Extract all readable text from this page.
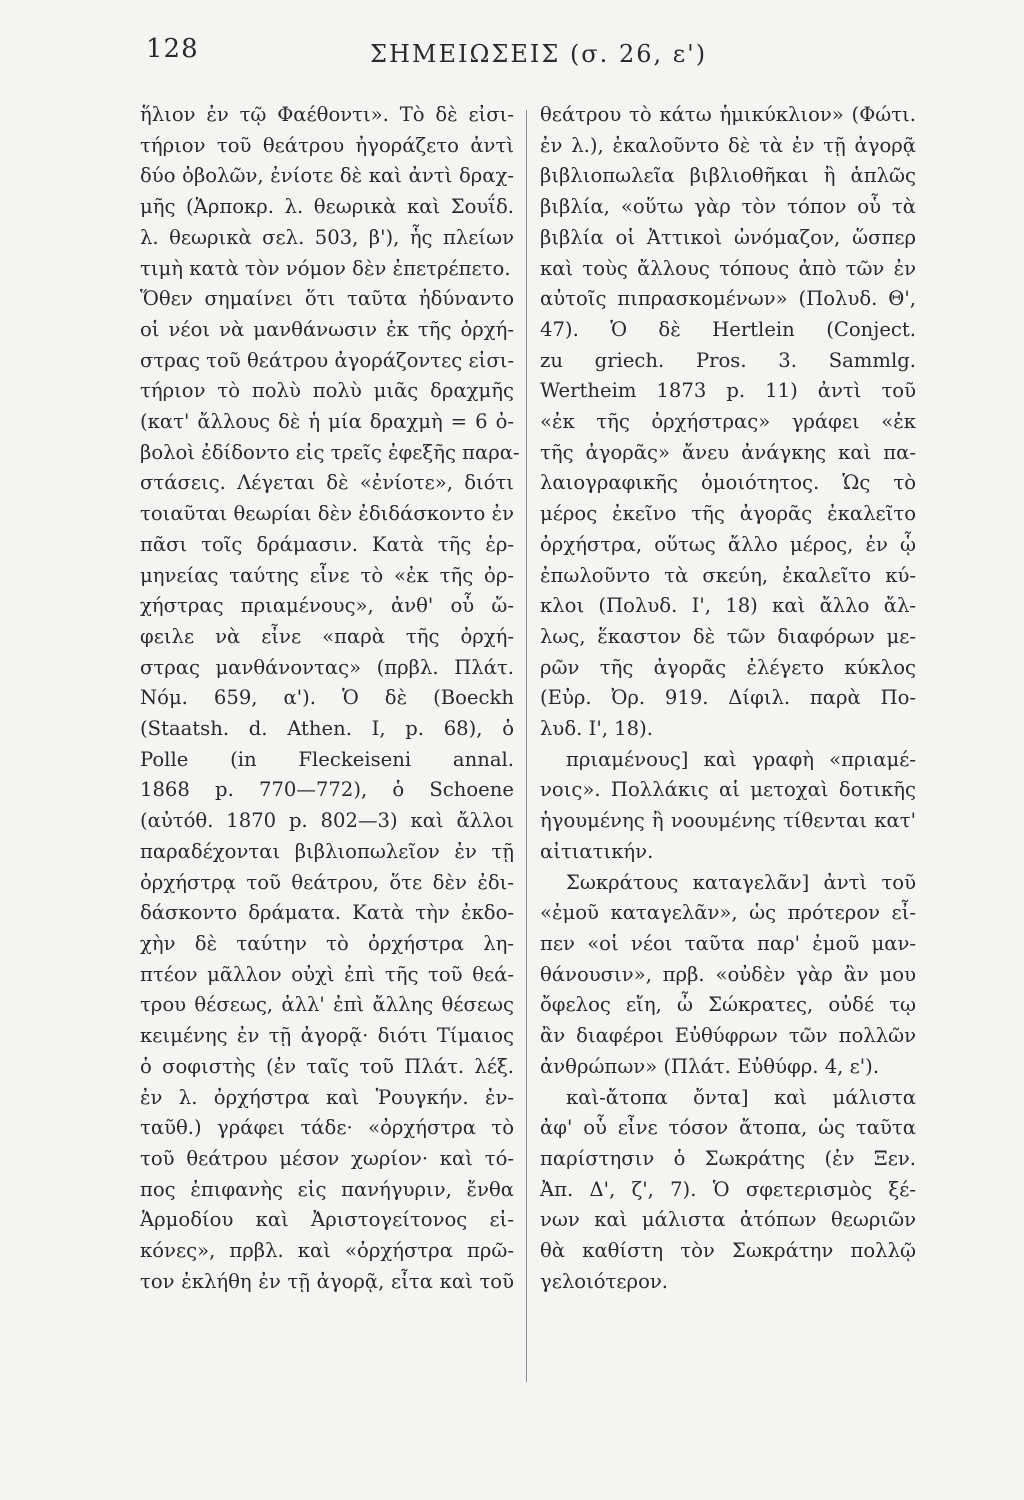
128	ΣΗΜΕΙΩΣΕΙΣ (σ. 26, ε')
ἥλιον ἐν τῷ Φαέθοντι». Τὸ δὲ εἰσι-
τήριον τοῦ θεάτρου ἠγοράζετο ἀντὶ
δύο ὀβολῶν, ἐνίοτε δὲ καὶ ἀντὶ δραχ-
μῆς (Ἁρποκρ. λ. θεωρικὰ καὶ Σουΐδ.
λ. θεωρικὰ σελ. 503, β'), ἧς πλείων
τιμὴ κατὰ τὸν νόμον δὲν ἐπετρέπετο.
Ὅθεν σημαίνει ὅτι ταῦτα ἠδύναντο
οἱ νέοι νὰ μανθάνωσιν ἐκ τῆς ὀρχή-
στρας τοῦ θεάτρου ἀγοράζοντες εἰσι-
τήριον τὸ πολὺ πολὺ μιᾶς δραχμῆς
(κατ' ἄλλους δὲ ἡ μία δραχμὴ = 6 ὀ-
βολοὶ ἐδίδοντο εἰς τρεῖς ἐφεξῆς παρα-
στάσεις. Λέγεται δὲ «ἐνίοτε», διότι
τοιαῦται θεωρίαι δὲν ἐδιδάσκοντο ἐν
πᾶσι τοῖς δράμασιν. Κατὰ τῆς ἑρ-
μηνείας ταύτης εἶνε τὸ «ἐκ τῆς ὀρ-
χήστρας πριαμένους», ἀνθ' οὗ ὤ-
φειλε νὰ εἶνε «παρὰ τῆς ὀρχή-
στρας μανθάνοντας» (πρβλ. Πλάτ.
Νόμ. 659, α'). Ὁ δὲ (Boeckh
(Staatsh. d. Athen. I, p. 68), ὁ
Polle (in Fleckeiseni annal.
1868 p. 770—772), ὁ Schoene
(αὐτόθ. 1870 p. 802—3) καὶ ἄλλοι
παραδέχονται βιβλιοπωλεῖον ἐν τῇ
ὀρχήστρᾳ τοῦ θεάτρου, ὅτε δὲν ἐδι-
δάσκοντο δράματα. Κατὰ τὴν ἐκδο-
χὴν δὲ ταύτην τὸ ὀρχήστρα λη-
πτέον μᾶλλον οὐχὶ ἐπὶ τῆς τοῦ θεά-
τρου θέσεως, ἀλλ' ἐπὶ ἄλλης θέσεως
κειμένης ἐν τῇ ἀγορᾷ· διότι Τίμαιος
ὁ σοφιστὴς (ἐν ταῖς τοῦ Πλάτ. λέξ.
ἐν λ. ὀρχήστρα καὶ Ῥουγκήν. ἐν-
ταῦθ.) γράφει τάδε· «ὀρχήστρα τὸ
τοῦ θεάτρου μέσον χωρίον· καὶ τό-
πος ἐπιφανὴς εἰς πανήγυριν, ἔνθα
Ἁρμοδίου καὶ Ἀριστογείτονος εἰ-
κόνες», πρβλ. καὶ «ὀρχήστρα πρῶ-
τον ἐκλήθη ἐν τῇ ἀγορᾷ, εἶτα καὶ τοῦ
θεάτρου τὸ κάτω ἡμικύκλιον» (Φώτι.
ἐν λ.), ἐκαλοῦντο δὲ τὰ ἐν τῇ ἀγορᾷ
βιβλιοπωλεῖα βιβλιοθῆκαι ἢ ἁπλῶς
βιβλία, «οὕτω γὰρ τὸν τόπον οὗ τὰ
βιβλία οἱ Ἀττικοὶ ὠνόμαζον, ὥσπερ
καὶ τοὺς ἄλλους τόπους ἀπὸ τῶν ἐν
αὐτοῖς πιπρασκομένων» (Πολυδ. Θ',
47). Ὁ δὲ Hertlein (Conject.
zu griech. Pros. 3. Sammlg.
Wertheim 1873 p. 11) ἀντὶ τοῦ
«ἐκ τῆς ὀρχήστρας» γράφει «ἐκ
τῆς ἀγορᾶς» ἄνευ ἀνάγκης καὶ πα-
λαιογραφικῆς ὁμοιότητος. Ὡς τὸ
μέρος ἐκεῖνο τῆς ἀγορᾶς ἐκαλεῖτο
ὀρχήστρα, οὕτως ἄλλο μέρος, ἐν ᾧ
ἐπωλοῦντο τὰ σκεύη, ἐκαλεῖτο κύ-
κλοι (Πολυδ. Ι', 18) καὶ ἄλλο ἄλ-
λως, ἕκαστον δὲ τῶν διαφόρων με-
ρῶν τῆς ἀγορᾶς ἐλέγετο κύκλος
(Εὐρ. Ὀρ. 919. Δίφιλ. παρὰ Πο-
λυδ. Ι', 18).
πριαμένους] καὶ γραφὴ «πριαμέ-
νοις». Πολλάκις αἱ μετοχαὶ δοτικῆς
ἡγουμένης ἢ νοουμένης τίθενται κατ'
αἰτιατικήν.
Σωκράτους καταγελᾶν] ἀντὶ τοῦ
«ἐμοῦ καταγελᾶν», ὡς πρότερον εἶ-
πεν «οἱ νέοι ταῦτα παρ' ἐμοῦ μαν-
θάνουσιν», πρβ. «οὐδὲν γὰρ ἂν μου
ὄφελος εἴη, ὦ Σώκρατες, οὐδέ τῳ
ἂν διαφέροι Εὐθύφρων τῶν πολλῶν
ἀνθρώπων» (Πλάτ. Εὐθύφρ. 4, ε').
καὶ-ἄτοπα ὄντα] καὶ μάλιστα
ἀφ' οὗ εἶνε τόσον ἄτοπα, ὡς ταῦτα
παρίστησιν ὁ Σωκράτης (ἐν Ξεν.
Ἀπ. Δ', ζ', 7). Ὁ σφετερισμὸς ξέ-
νων καὶ μάλιστα ἀτόπων θεωριῶν
θὰ καθίστη τὸν Σωκράτην πολλῷ
γελοιότερον.
